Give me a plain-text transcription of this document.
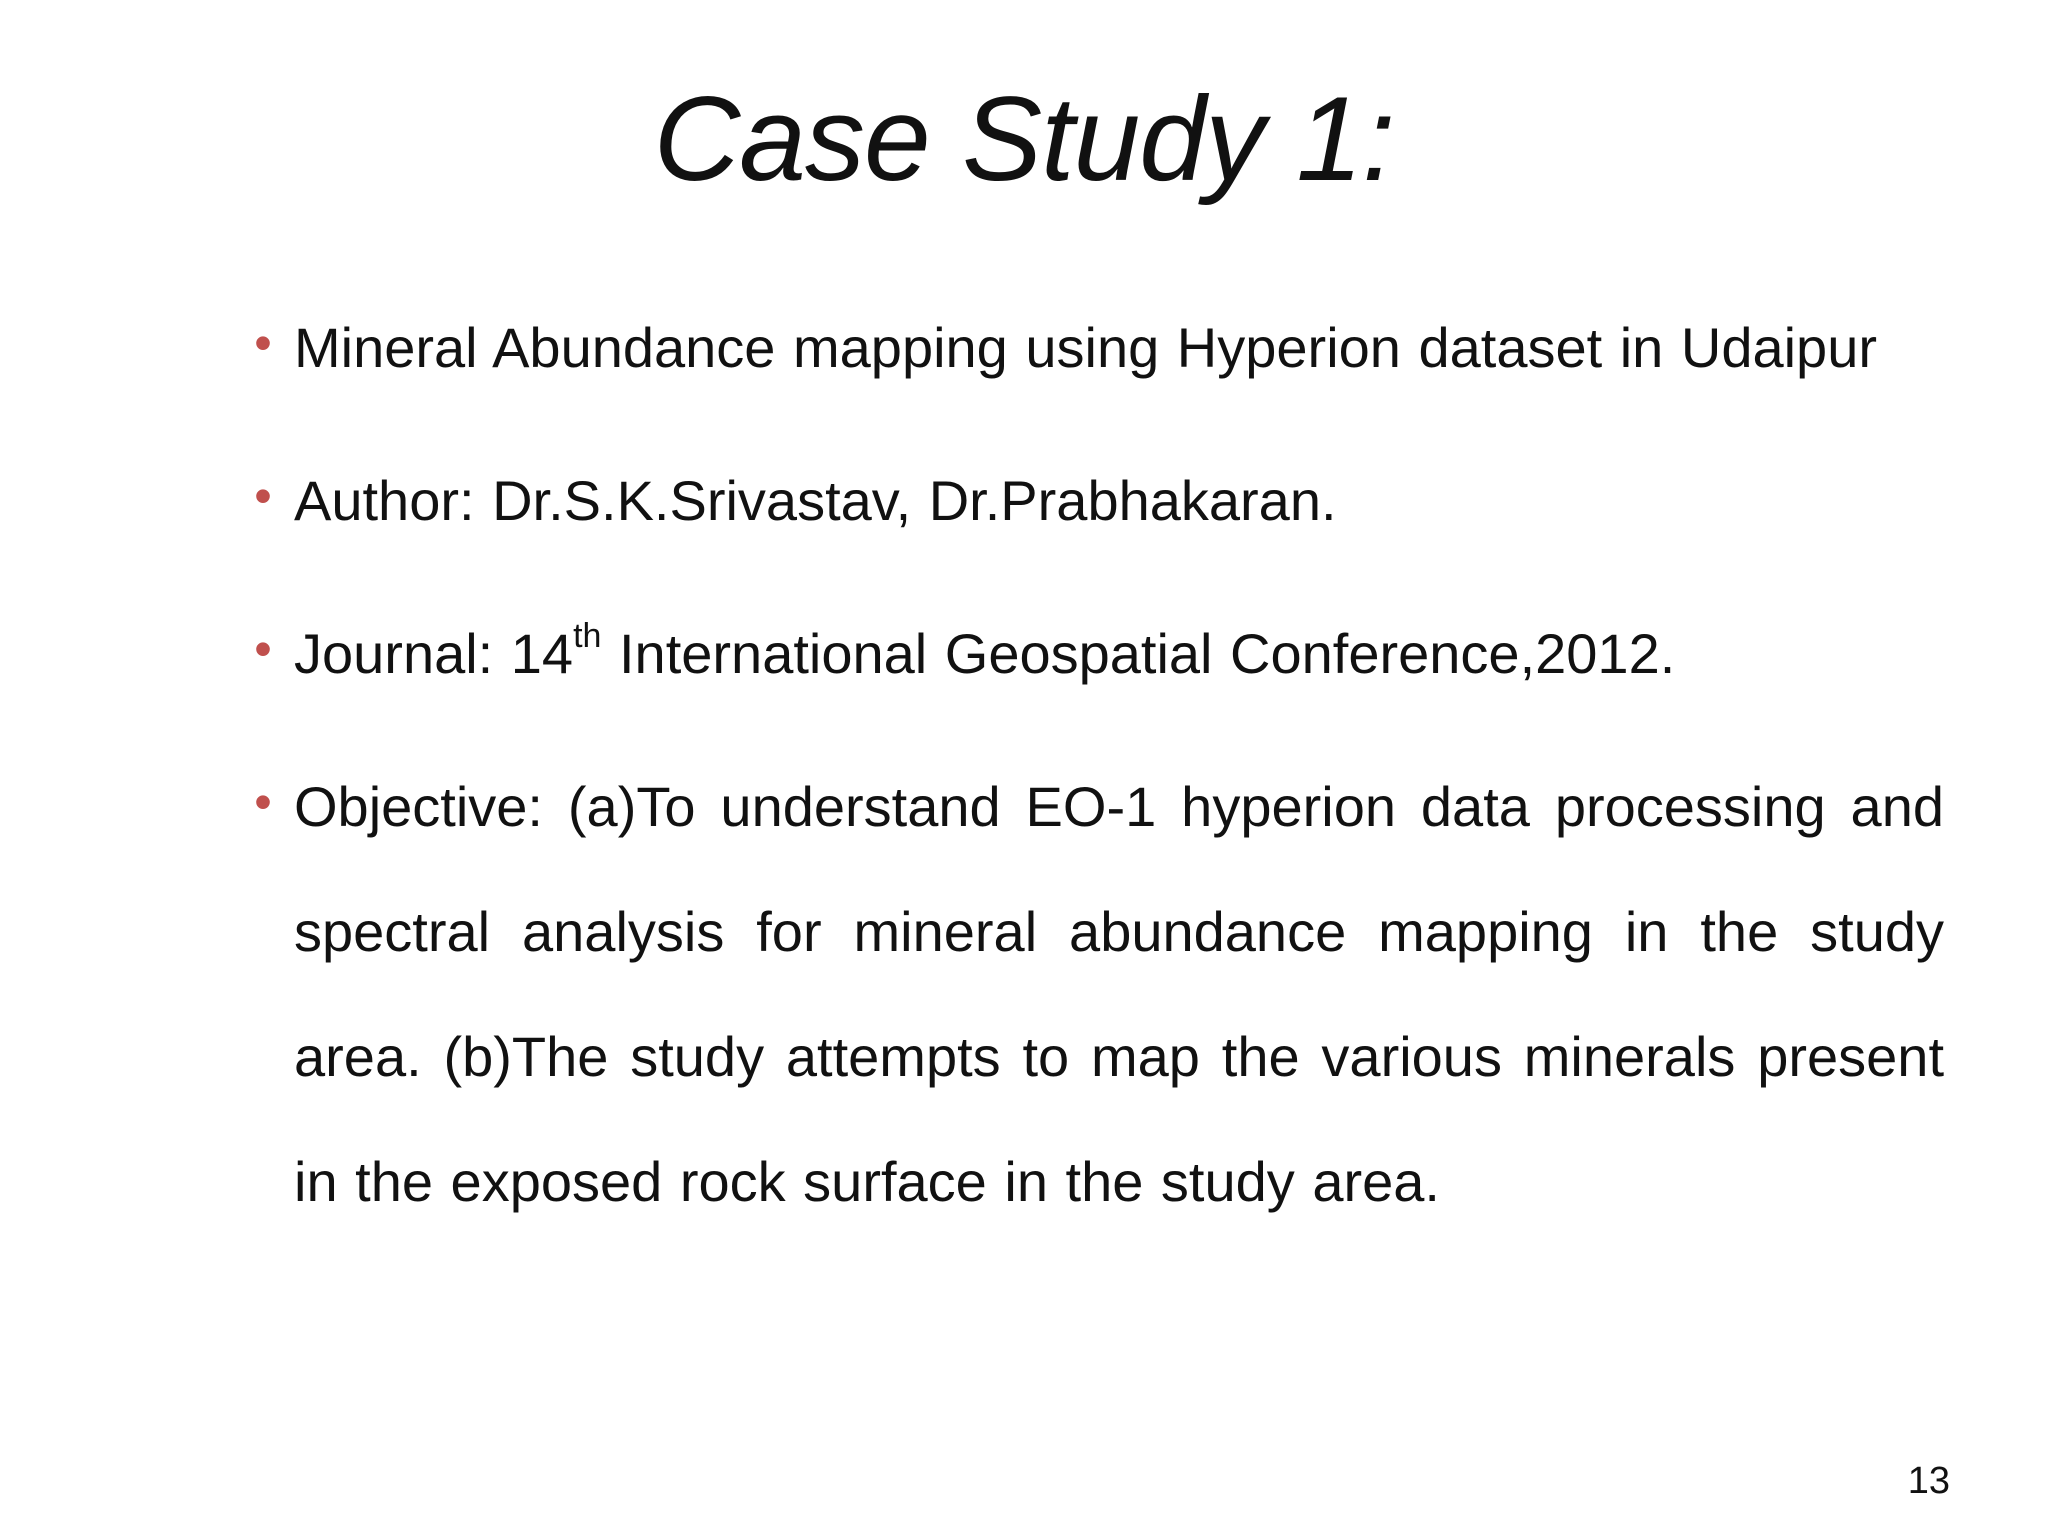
Case Study 1:
• Mineral Abundance mapping using Hyperion dataset in Udaipur
• Author: Dr.S.K.Srivastav, Dr.Prabhakaran.
• Journal: 14th International Geospatial Conference,2012.
• Objective: (a)To understand EO-1 hyperion data processing and spectral analysis for mineral abundance mapping in the study area. (b)The study attempts to map the various minerals present in the exposed rock surface in the study area.
13
